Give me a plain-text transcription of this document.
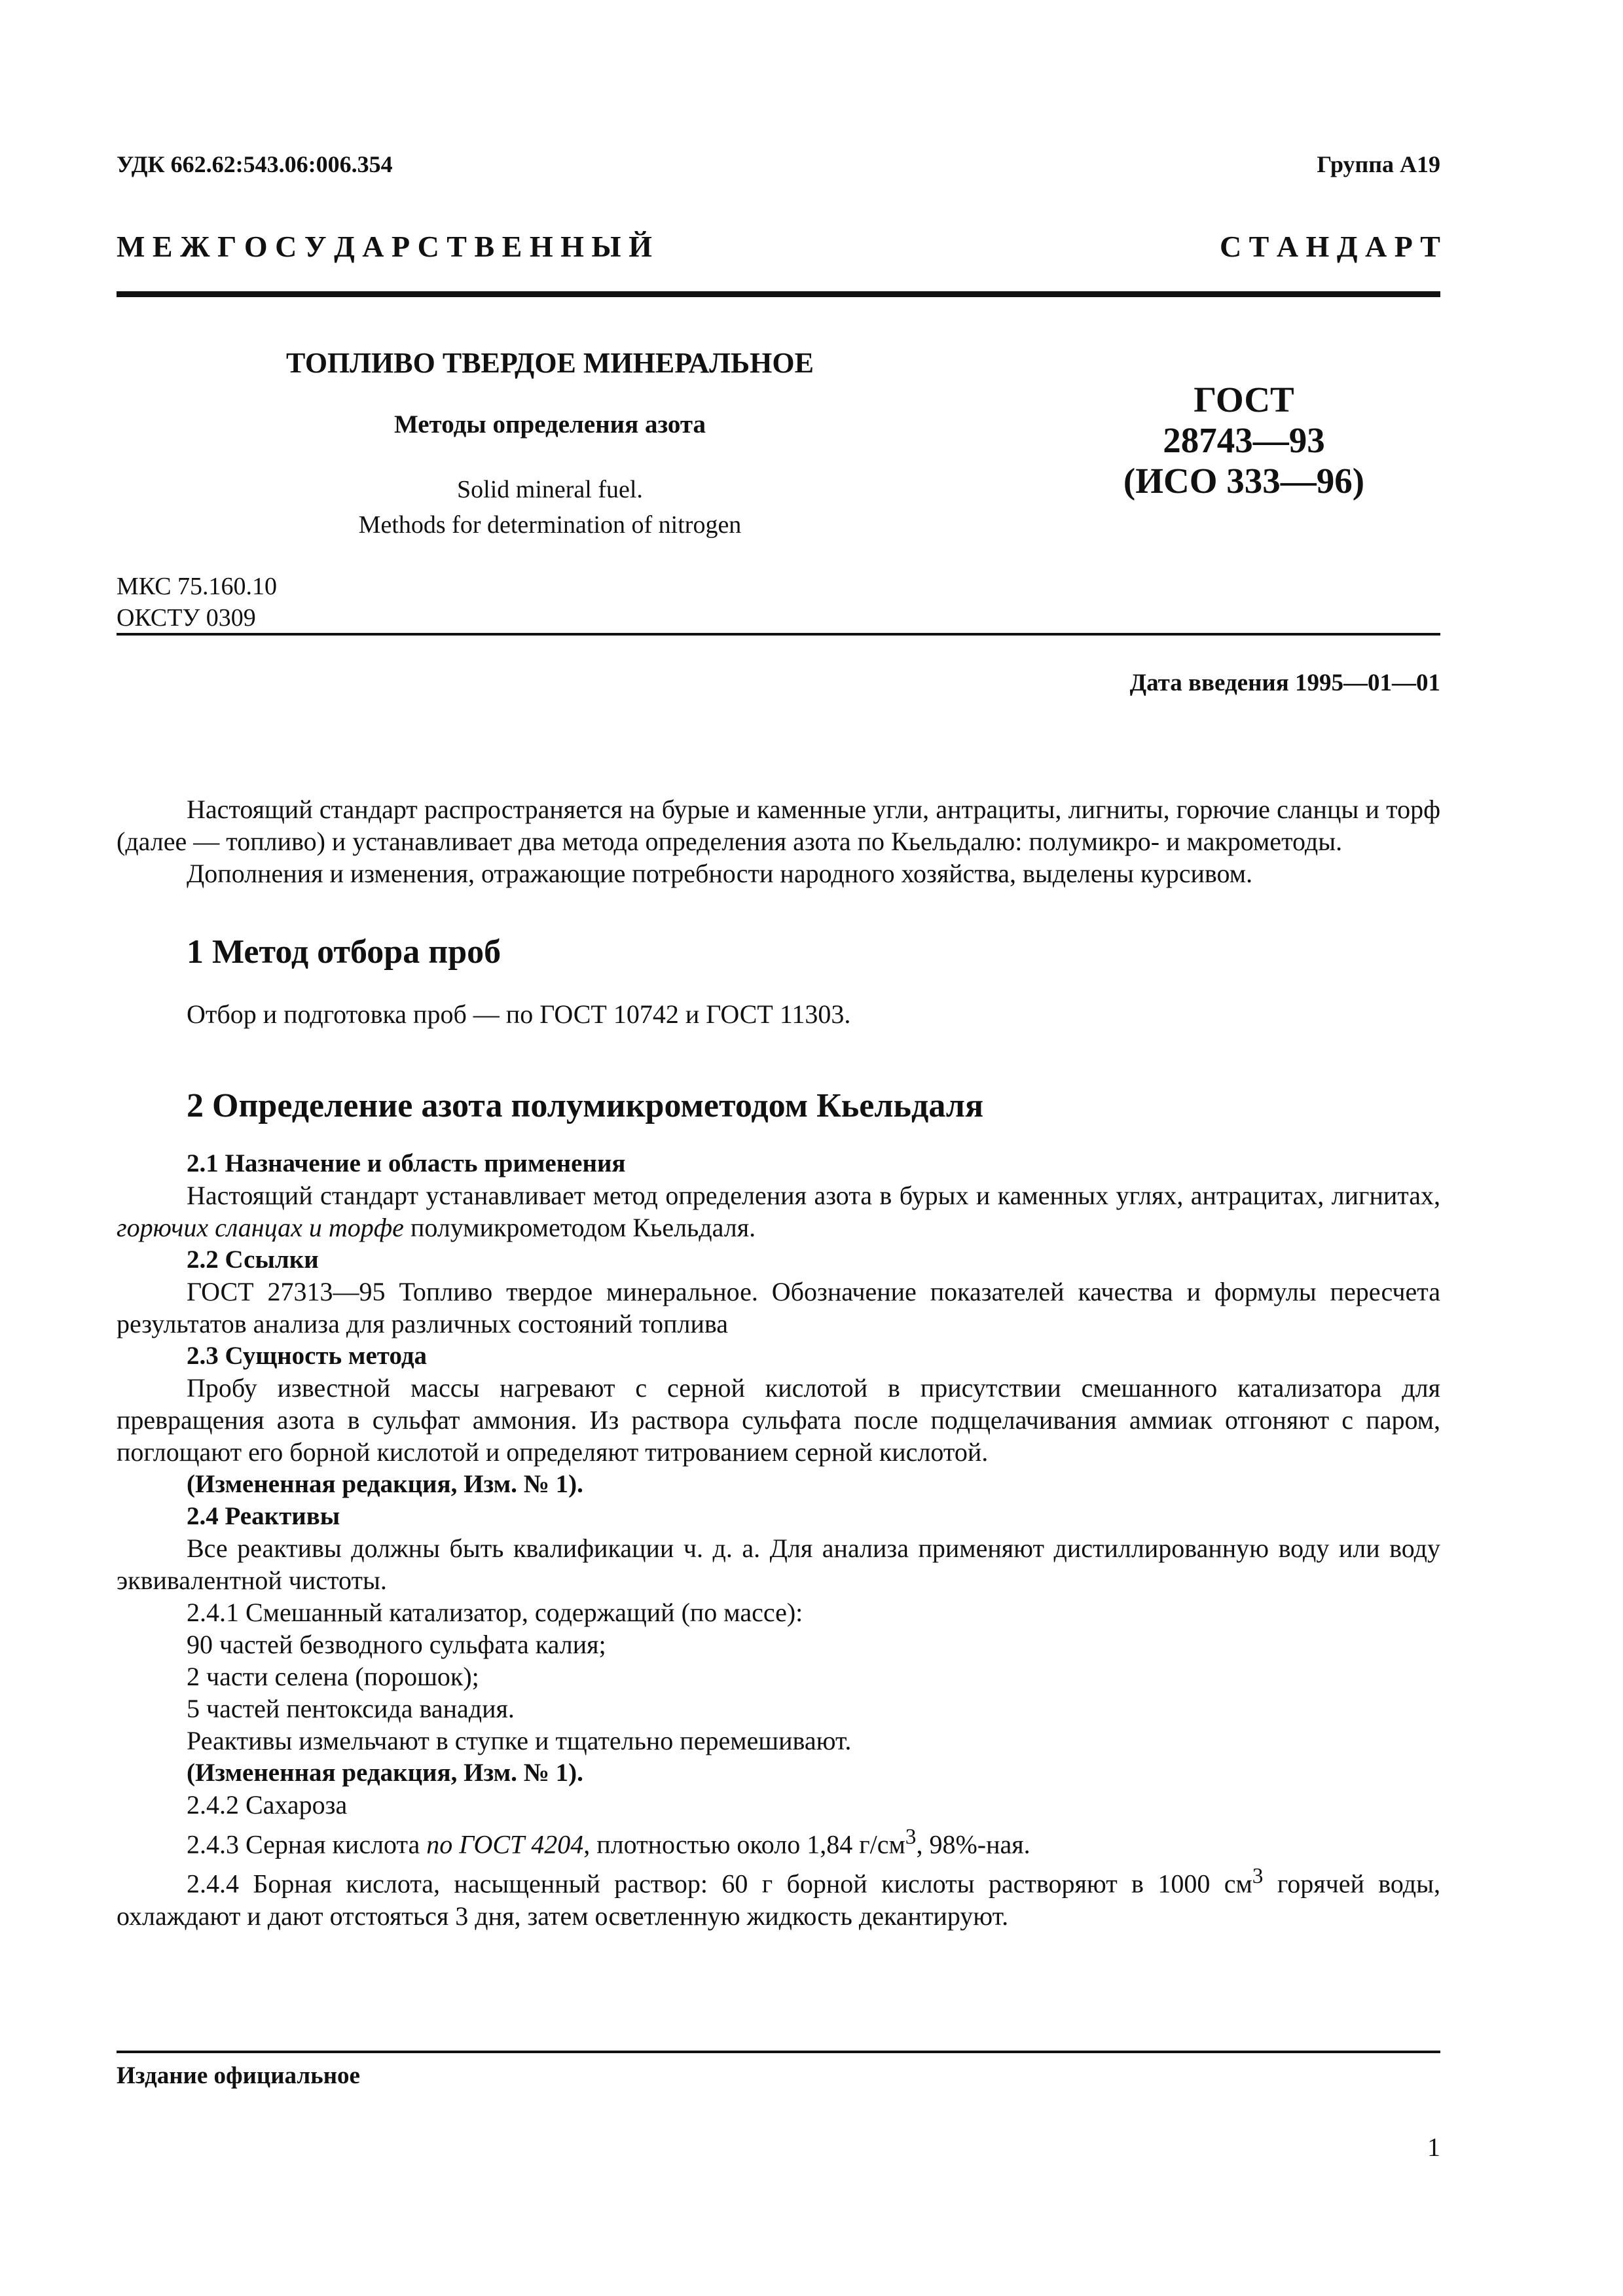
УДК 662.62:543.06:006.354	Группа А19
М Е Ж Г О С У Д А Р С Т В Е Н Н Ы Й	С Т А Н Д А Р Т
ТОПЛИВО ТВЕРДОЕ МИНЕРАЛЬНОЕ
Методы определения азота
Solid mineral fuel.
Methods for determination of nitrogen
ГОСТ
28743—93
(ИСО 333—96)
МКС 75.160.10
ОКСТУ 0309
Дата введения 1995—01—01

Настоящий стандарт распространяется на бурые и каменные угли, антрациты, лигниты, горючие сланцы и торф (далее — топливо) и устанавливает два метода определения азота по Кьельдалю: полумикро- и макрометоды.

Дополнения и изменения, отражающие потребности народного хозяйства, выделены курсивом.

1 Метод отбора проб

Отбор и подготовка проб — по ГОСТ 10742 и ГОСТ 11303.

2 Определение азота полумикрометодом Кьельдаля
2.1 Назначение и область применения

Настоящий стандарт устанавливает метод определения азота в бурых и каменных углях, антрацитах, лигнитах, горючих сланцах и торфе полумикрометодом Кьельдаля.

2.2 Ссылки

ГОСТ 27313—95 Топливо твердое минеральное. Обозначение показателей качества и формулы пересчета результатов анализа для различных состояний топлива

2.3 Сущность метода

Пробу известной массы нагревают с серной кислотой в присутствии смешанного катализатора для превращения азота в сульфат аммония. Из раствора сульфата после подщелачивания аммиак отгоняют с паром, поглощают его борной кислотой и определяют титрованием серной кислотой.

(Измененная редакция, Изм. № 1).
2.4 Реактивы

Все реактивы должны быть квалификации ч. д. а. Для анализа применяют дистиллированную воду или воду эквивалентной чистоты.

2.4.1 Смешанный катализатор, содержащий (по массе):

90 частей безводного сульфата калия;

2 части селена (порошок);

5 частей пентоксида ванадия.

Реактивы измельчают в ступке и тщательно перемешивают.

(Измененная редакция, Изм. № 1).

2.4.2 Сахароза

2.4.3 Серная кислота по ГОСТ 4204, плотностью около 1,84 $г/см^3$, 98%-ная.

2.4.4 Борная кислота, насыщенный раствор: 60 г борной кислоты растворяют в 1000 $см^3$ горячей воды, охлаждают и дают отстояться 3 дня, затем осветленную жидкость декантируют.

Издание официальное
1
